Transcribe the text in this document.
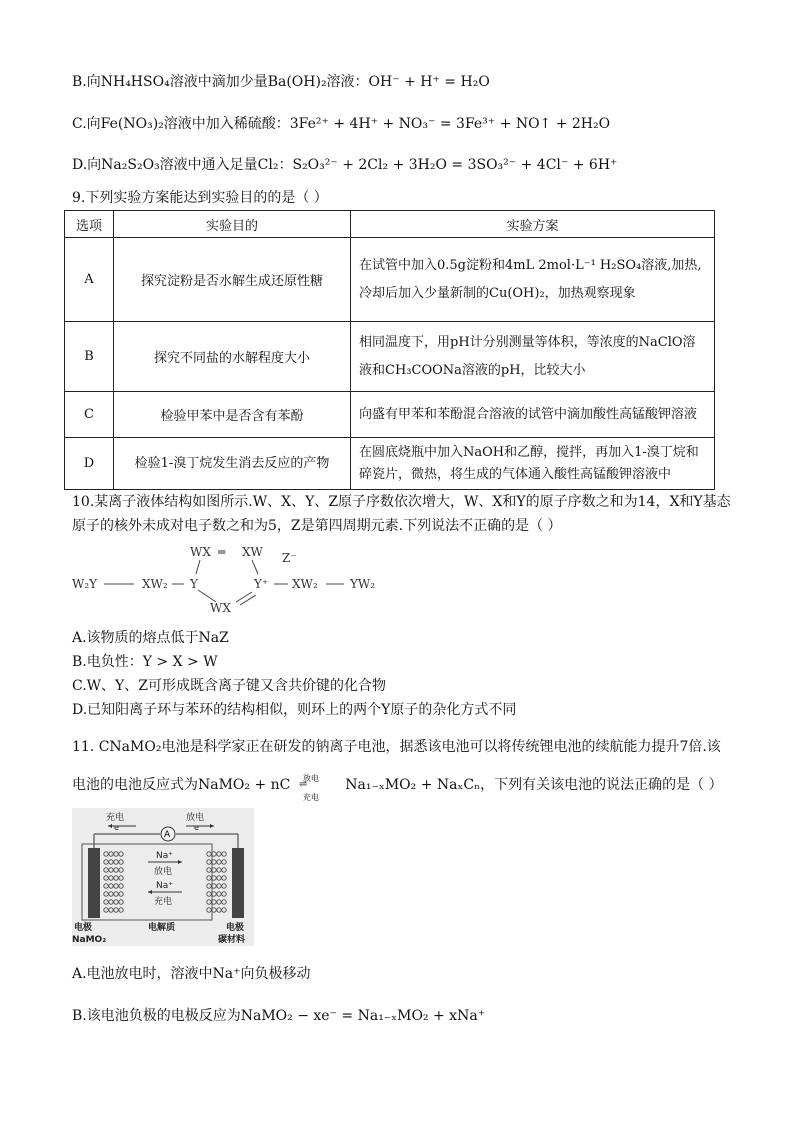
B.向NH₄HSO₄溶液中滴加少量Ba(OH)₂溶液：OH⁻ + H⁺ = H₂O
C.向Fe(NO₃)₂溶液中加入稀硫酸：3Fe²⁺ + 4H⁺ + NO₃⁻ = 3Fe³⁺ + NO↑ + 2H₂O
D.向Na₂S₂O₃溶液中通入足量Cl₂：S₂O₃²⁻ + 2Cl₂ + 3H₂O = 3SO₃²⁻ + 4Cl⁻ + 6H⁺
9.下列实验方案能达到实验目的的是（ ）
选项	实验目的	实验方案
A	探究淀粉是否水解生成还原性糖	在试管中加入0.5g淀粉和4mL 2mol·L⁻¹ H₂SO₄溶液,加热,冷却后加入少量新制的Cu(OH)₂，加热观察现象
B	探究不同盐的水解程度大小	相同温度下，用pH计分别测量等体积，等浓度的NaClO溶液和CH₃COONa溶液的pH，比较大小
C	检验甲苯中是否含有苯酚	向盛有甲苯和苯酚混合溶液的试管中滴加酸性高锰酸钾溶液
D	检验1-溴丁烷发生消去反应的产物	在圆底烧瓶中加入NaOH和乙醇，搅拌，再加入1-溴丁烷和碎瓷片，微热，将生成的气体通入酸性高锰酸钾溶液中
10.某离子液体结构如图所示.W、X、Y、Z原子序数依次增大，W、X和Y的原子序数之和为14，X和Y基态
原子的核外未成对电子数之和为5，Z是第四周期元素.下列说法不正确的是（ ）
WX ═ XW Z⁻
W₂Y	XW₂ Y	Y⁺ XW₂	YW₂
WX
A.该物质的熔点低于NaZ
B.电负性：Y > X > W
C.W、Y、Z可形成既含离子键又含共价键的化合物
D.已知阳离子环与苯环的结构相似，则环上的两个Y原子的杂化方式不同
11. CNaMO₂电池是科学家正在研发的钠离子电池，据悉该电池可以将传统锂电池的续航能力提升7倍.该
电池的电池反应式为NaMO₂ + nC 放电
⇌
充电
Na₁₋ₓMO₂ + NaₓCₙ，下列有关该电池的说法正确的是（ ）
充电	放电
e⁻	e⁻
A
Na⁺
放电
Na⁺
充电
电极
NaMO₂
电解质	电极
碳材料
A.电池放电时，溶液中Na⁺向负极移动
B.该电池负极的电极反应为NaMO₂ − xe⁻ = Na₁₋ₓMO₂ + xNa⁺
